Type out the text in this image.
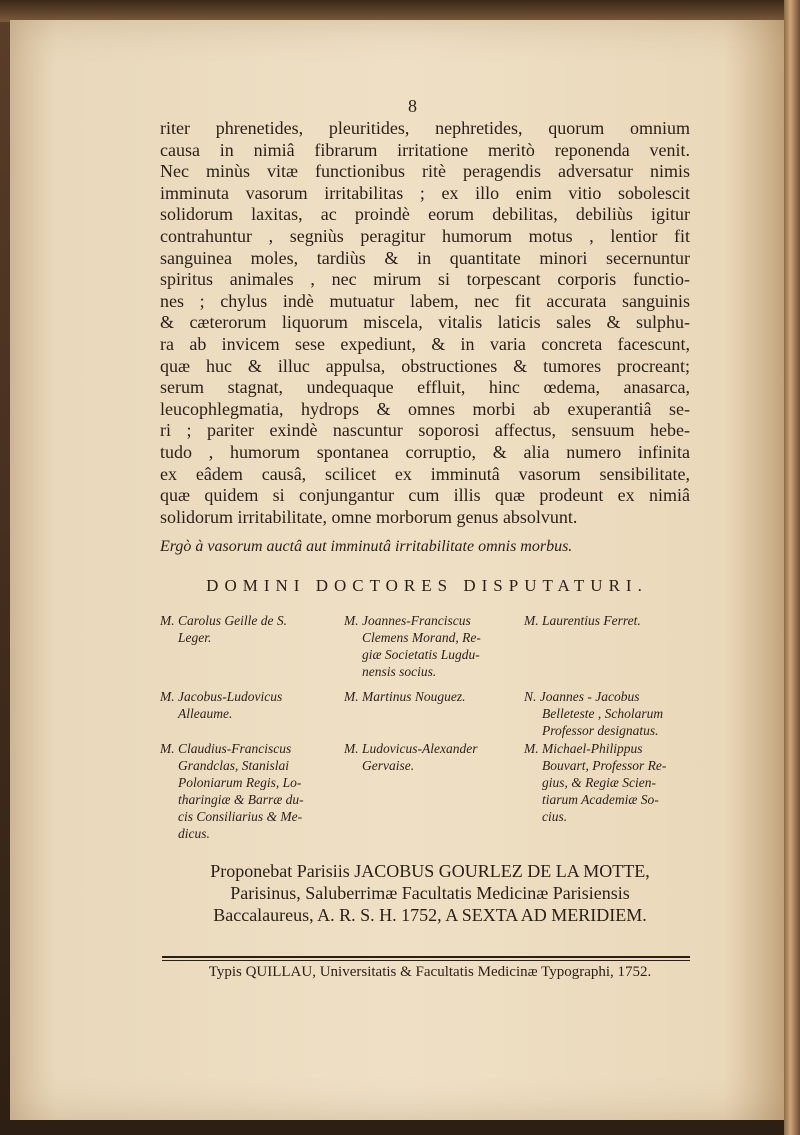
8
riter phrenetides, pleuritides, nephretides, quorum omnium
causa in nimiâ fibrarum irritatione meritò reponenda venit.
Nec minùs vitæ functionibus ritè peragendis adversatur nimis
imminuta vasorum irritabilitas ; ex illo enim vitio sobolescit
solidorum laxitas, ac proindè eorum debilitas, debiliùs igitur
contrahuntur , segniùs peragitur humorum motus , lentior fit
sanguinea moles, tardiùs & in quantitate minori secernuntur
spiritus animales , nec mirum si torpescant corporis functio-
nes ; chylus indè mutuatur labem, nec fit accurata sanguinis
& cæterorum liquorum miscela, vitalis laticis sales & sulphu-
ra ab invicem sese expediunt, & in varia concreta facescunt,
quæ huc & illuc appulsa, obstructiones & tumores procreant;
serum stagnat, undequaque effluit, hinc œdema, anasarca,
leucophlegmatia, hydrops & omnes morbi ab exuperantiâ se-
ri ; pariter exindè nascuntur soporosi affectus, sensuum hebe-
tudo , humorum spontanea corruptio, & alia numero infinita
ex eâdem causâ, scilicet ex imminutâ vasorum sensibilitate,
quæ quidem si conjungantur cum illis quæ prodeunt ex nimiâ
solidorum irritabilitate, omne morborum genus absolvunt.
Ergò à vasorum auctâ aut imminutâ irritabilitate omnis morbus.
DOMINI DOCTORES DISPUTATURI.
M. Carolus Geille de S.
Leger.
M. Joannes-Franciscus
Clemens Morand, Re-
giæ Societatis Lugdu-
nensis socius.
M. Laurentius Ferret.
M. Jacobus-Ludovicus
Alleaume.
M. Martinus Nouguez.	N. Joannes - Jacobus
Belleteste , Scholarum
Professor designatus.
M. Claudius-Franciscus
Grandclas, Stanislai
Poloniarum Regis, Lo-
tharingiæ & Barræ du-
cis Consiliarius & Me-
dicus.
M. Ludovicus-Alexander
Gervaise.
M. Michael-Philippus
Bouvart, Professor Re-
gius, & Regiæ Scien-
tiarum Academiæ So-
cius.
Proponebat Parisiis JACOBUS GOURLEZ DE LA MOTTE,
Parisinus, Saluberrimæ Facultatis Medicinæ Parisiensis
Baccalaureus, A. R. S. H. 1752, A SEXTA AD MERIDIEM.
Typis QUILLAU, Universitatis & Facultatis Medicinæ Typographi, 1752.
